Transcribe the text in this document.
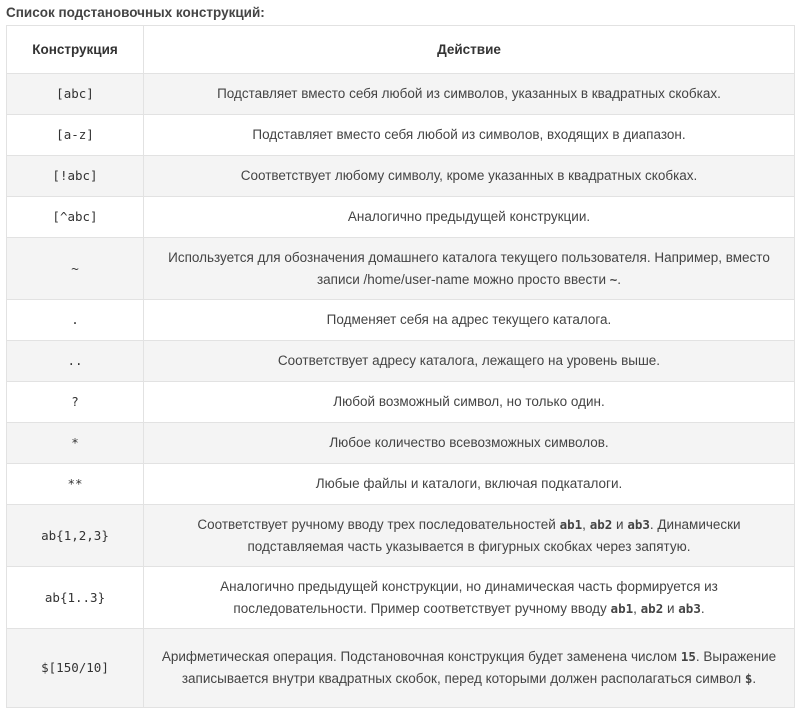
Список подстановочных конструкций:
Конструкция	Действие
[abc]	Подставляет вместо себя любой из символов, указанных в квадратных скобках.
[a-z]	Подставляет вместо себя любой из символов, входящих в диапазон.
[!abc]	Соответствует любому символу, кроме указанных в квадратных скобках.
[^abc]	Аналогично предыдущей конструкции.
~	Используется для обозначения домашнего каталога текущего пользователя. Например, вместо записи /home/user-name можно просто ввести ~.
.	Подменяет себя на адрес текущего каталога.
..	Соответствует адресу каталога, лежащего на уровень выше.
?	Любой возможный символ, но только один.
*	Любое количество всевозможных символов.
**	Любые файлы и каталоги, включая подкаталоги.
ab{1,2,3}	Соответствует ручному вводу трех последовательностей ab1, ab2 и ab3. Динамически подставляемая часть указывается в фигурных скобках через запятую.
ab{1..3}	Аналогично предыдущей конструкции, но динамическая часть формируется из последовательности. Пример соответствует ручному вводу ab1, ab2 и ab3.
$[150/10]	Арифметическая операция. Подстановочная конструкция будет заменена числом 15. Выражение записывается внутри квадратных скобок, перед которыми должен располагаться символ $.
